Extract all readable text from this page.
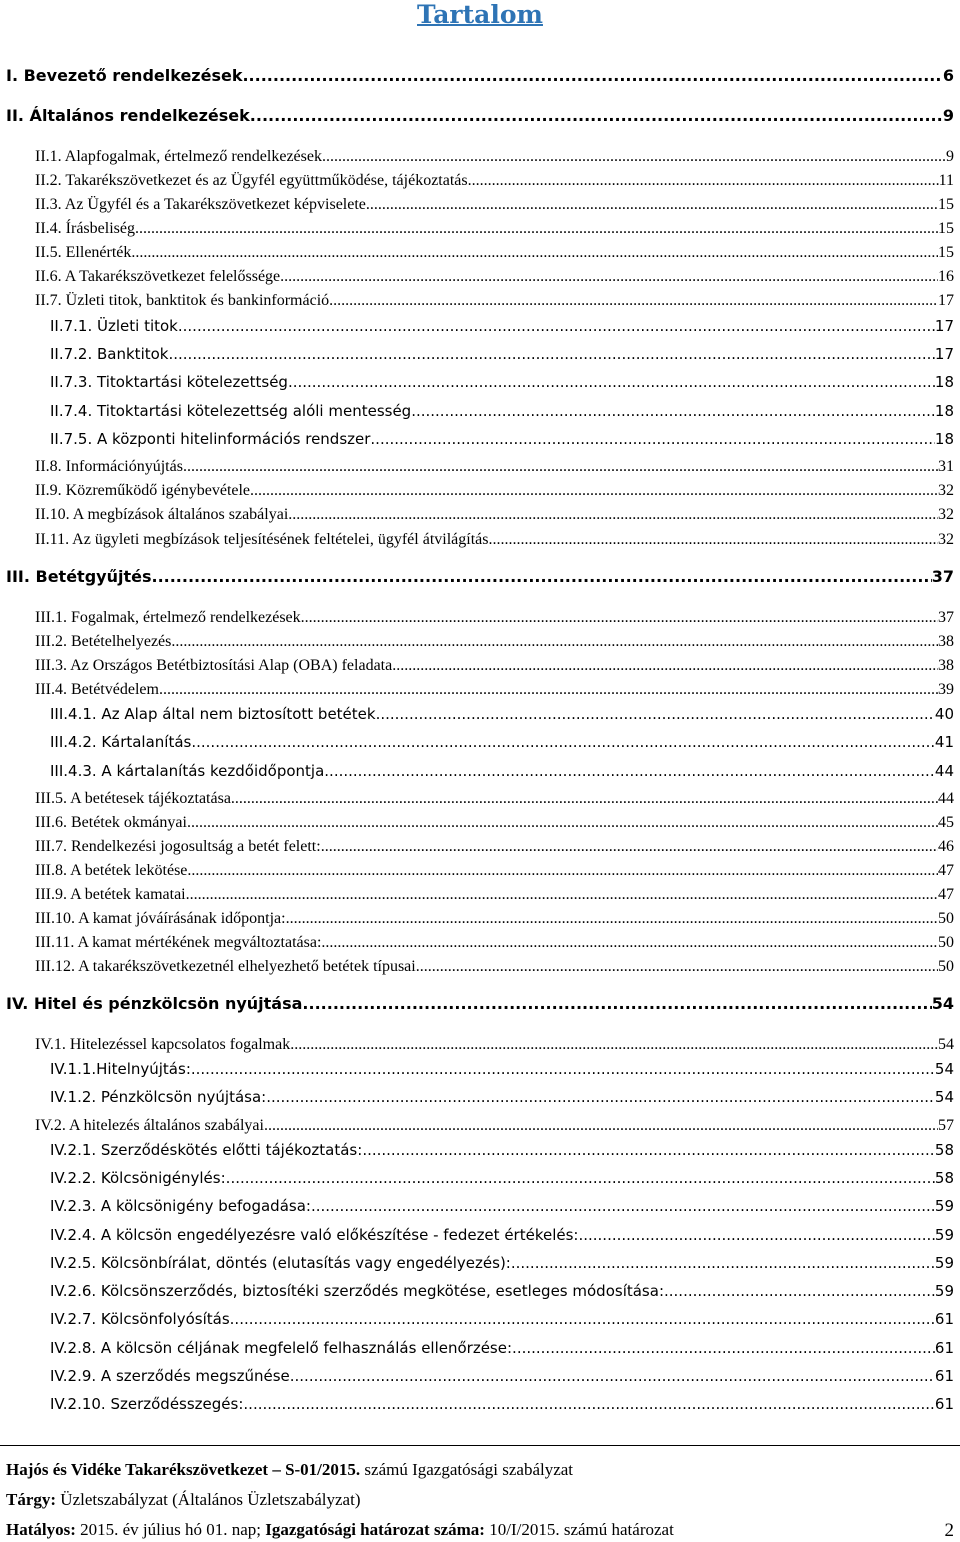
Tartalom
I. Bevezető rendelkezések .....	6
II. Általános rendelkezések .....	9
II.1. Alapfogalmak, értelmező rendelkezések .....	9
II.2. Takarékszövetkezet és az Ügyfél együttműködése, tájékoztatás .....	11
II.3. Az Ügyfél és a Takarékszövetkezet képviselete .....	15
II.4. Írásbeliség .....	15
II.5. Ellenérték .....	15
II.6. A Takarékszövetkezet felelőssége .....	16
II.7. Üzleti titok, banktitok és bankinformáció .....	17
II.7.1. Üzleti titok .....	17
II.7.2. Banktitok .....	17
II.7.3. Titoktartási kötelezettség .....	18
II.7.4. Titoktartási kötelezettség alóli mentesség .....	18
II.7.5. A központi hitelinformációs rendszer .....	18
II.8. Információnyújtás .....	31
II.9. Közreműködő igénybevétele .....	32
II.10. A megbízások általános szabályai .....	32
II.11. Az ügyleti megbízások teljesítésének feltételei, ügyfél átvilágítás .....	32
III. Betétgyűjtés .....	37
III.1. Fogalmak, értelmező rendelkezések .....	37
III.2. Betételhelyezés .....	38
III.3. Az Országos Betétbiztosítási Alap (OBA) feladata .....	38
III.4. Betétvédelem .....	39
III.4.1. Az Alap által nem biztosított betétek .....	40
III.4.2. Kártalanítás .....	41
III.4.3. A kártalanítás kezdőidőpontja .....	44
III.5. A betétesek tájékoztatása .....	44
III.6. Betétek okmányai .....	45
III.7. Rendelkezési jogosultság a betét felett: .....	46
III.8. A betétek lekötése .....	47
III.9. A betétek kamatai .....	47
III.10. A kamat jóváírásának időpontja: .....	50
III.11. A kamat mértékének megváltoztatása: .....	50
III.12. A takarékszövetkezetnél elhelyezhető betétek típusai .....	50
IV. Hitel és pénzkölcsön nyújtása .....	54
IV.1. Hitelezéssel kapcsolatos fogalmak .....	54
IV.1.1.Hitelnyújtás: .....	54
IV.1.2. Pénzkölcsön nyújtása: .....	54
IV.2. A hitelezés általános szabályai .....	57
IV.2.1. Szerződéskötés előtti tájékoztatás: .....	58
IV.2.2. Kölcsönigénylés: .....	58
IV.2.3. A kölcsönigény befogadása: .....	59
IV.2.4. A kölcsön engedélyezésre való előkészítése - fedezet értékelés: .....	59
IV.2.5. Kölcsönbírálat, döntés (elutasítás vagy engedélyezés): .....	59
IV.2.6. Kölcsönszerződés, biztosítéki szerződés megkötése, esetleges módosítása: .....	59
IV.2.7. Kölcsönfolyósítás .....	61
IV.2.8. A kölcsön céljának megfelelő felhasználás ellenőrzése: .....	61
IV.2.9. A szerződés megszűnése .....	61
IV.2.10. Szerződésszegés: .....	61
Hajós és Vidéke Takarékszövetkezet – S-01/2015. számú Igazgatósági szabályzat
Tárgy: Üzletszabályzat (Általános Üzletszabályzat)
Hatályos: 2015. év július hó 01. nap; Igazgatósági határozat száma: 10/I/2015. számú határozat	2
